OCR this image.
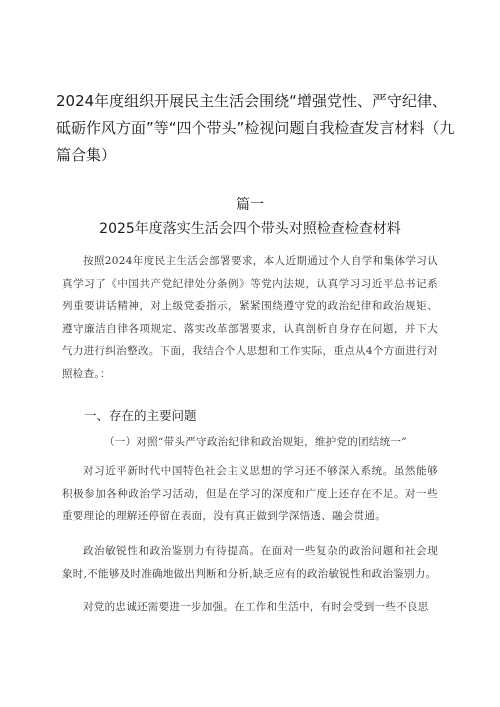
2024年度组织开展民主生活会围绕“增强党性、严守纪律、砥砺作风方面”等“四个带头”检视问题自我检查发言材料（九篇合集）
篇一
2025年度落实生活会四个带头对照检查检查材料

按照2024年度民主生活会部署要求，本人近期通过个人自学和集体学习认真学习了《中国共产党纪律处分条例》等党内法规，认真学习习近平总书记系列重要讲话精神，对上级党委指示，紧紧围绕遵守党的政治纪律和政治规矩、遵守廉洁自律各项规定、落实改革部署要求，认真剖析自身存在问题，并下大气力进行纠治整改。下面，我结合个人思想和工作实际，重点从4个方面进行对照检查。：

一、存在的主要问题

（一）对照“带头严守政治纪律和政治规矩，维护党的团结统一”

对习近平新时代中国特色社会主义思想的学习还不够深入系统。虽然能够积极参加各种政治学习活动，但是在学习的深度和广度上还存在不足。对一些重要理论的理解还停留在表面，没有真正做到学深悟透、融会贯通。

政治敏锐性和政治鉴别力有待提高。在面对一些复杂的政治问题和社会现象时,不能够及时准确地做出判断和分析,缺乏应有的政治敏锐性和政治鉴别力。

对党的忠诚还需要进一步加强。在工作和生活中，有时会受到一些不良思
